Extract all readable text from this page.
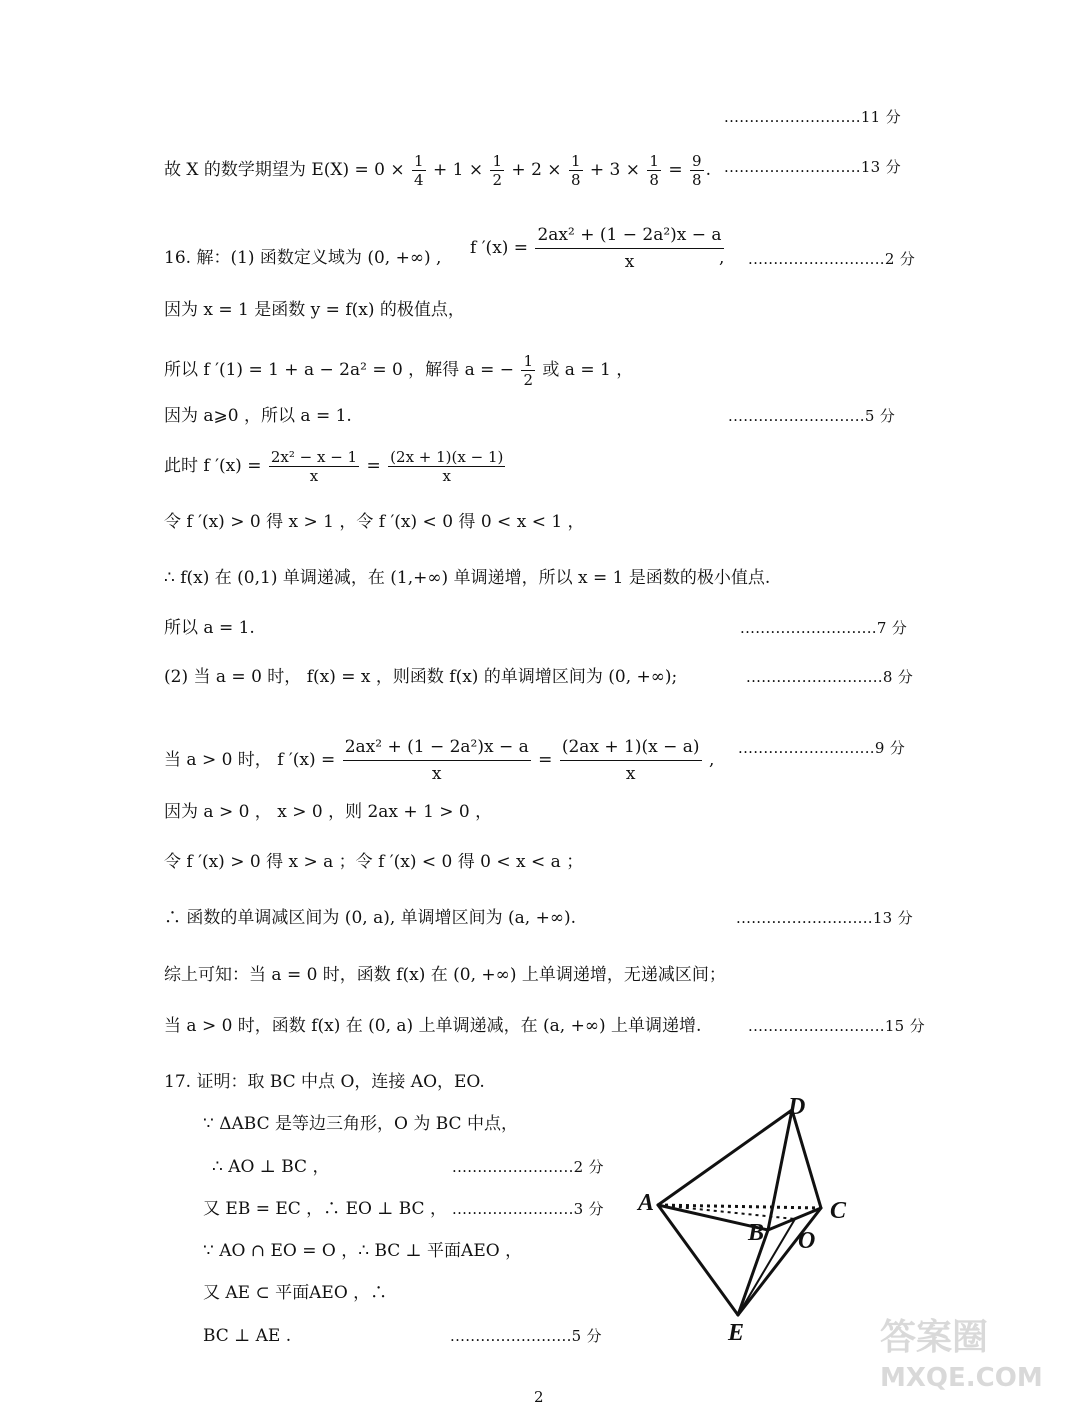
...........................11 分
故 X 的数学期望为 $E(X) = 0 \times \frac{1}{4} + 1 \times \frac{1}{2} + 2 \times \frac{1}{8} + 3 \times \frac{1}{8} = \frac{9}{8}$ . ...........................13 分
16. 解：(1) 函数定义域为 (0, +∞) , f $'(x) = \frac{\text{2ax² + (1 − 2a²)x − a}}{x}$
, ...........................2 分
因为 x = 1 是函数 y = f(x) 的极值点，
所以 f ′(1) = 1 + a − 2a² = 0 ，解得 a = − $\frac{1}{2}$ 或 a = 1 ，
因为 a⩾0 ，所以 a = 1.	...........................5 分
此时 f $'(x) = \frac{\text{2x² − x − 1}}{x} = \frac{(2x + 1)(x - 1)}{x}$
令 f ′(x) > 0 得 x > 1 ，令 f ′(x) < 0 得 0 < x < 1 ，
∴ f(x) 在 (0,1) 单调递减，在 (1,+∞) 单调递增，所以 x = 1 是函数的极小值点.
所以 a = 1.	...........................7 分
(2) 当 a = 0 时， f(x) = x ，则函数 f(x) 的单调增区间为 (0, +∞);	...........................8 分
当 a > 0 时， f $'(x) = \frac{\text{2ax² + (1 − 2a²)x − a}}{x} = \frac{(2ax + 1)(x - a)}{x}$ ,
...........................9 分
因为 a > 0 ， x > 0 ，则 2ax + 1 > 0 ，
令 f ′(x) > 0 得 x > a ；令 f ′(x) < 0 得 0 < x < a ；
∴ 函数的单调减区间为 (0, a), 单调增区间为 (a, +∞).	...........................13 分
综上可知：当 a = 0 时，函数 f(x) 在 (0, +∞) 上单调递增，无递减区间；
当 a > 0 时，函数 f(x) 在 (0, a) 上单调递减，在 (a, +∞) 上单调递增.	...........................15 分
17. 证明：取 BC 中点 O，连接 AO，EO.
∵ ΔABC 是等边三角形，O 为 BC 中点，
∴ AO ⊥ BC ，	........................2 分
又 EB = EC ，∴ EO ⊥ BC ， ........................3 分
∵ AO ∩ EO = O ，∴ BC ⊥ 平面AEO ，
又 AE ⊂ 平面AEO ，∴
BC ⊥ AE .	........................5 分
D
A	C
B O
E	答案圈
MXQE.COM
2
